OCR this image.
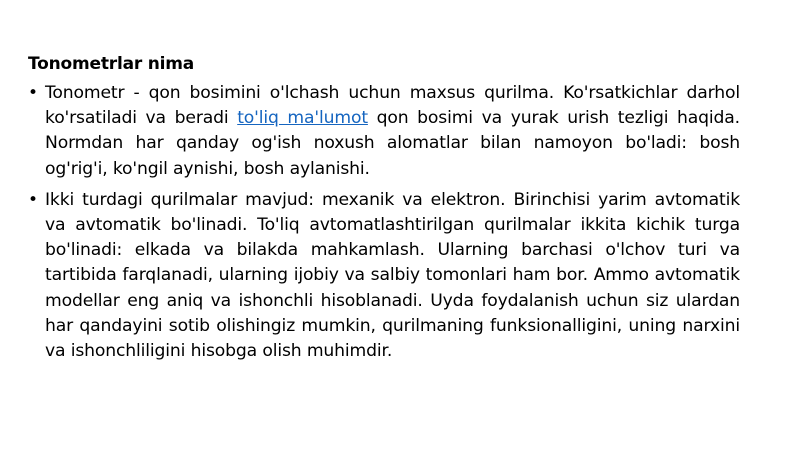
Tonometrlar nima
• Tonometr - qon bosimini o'lchash uchun maxsus qurilma. Ko'rsatkichlar darhol ko'rsatiladi va beradi to'liq ma'lumot qon bosimi va yurak urish tezligi haqida. Normdan har qanday og'ish noxush alomatlar bilan namoyon bo'ladi: bosh og'rig'i, ko'ngil aynishi, bosh aylanishi.
• Ikki turdagi qurilmalar mavjud: mexanik va elektron. Birinchisi yarim avtomatik va avtomatik bo'linadi. To'liq avtomatlashtirilgan qurilmalar ikkita kichik turga bo'linadi: elkada va bilakda mahkamlash. Ularning barchasi o'lchov turi va tartibida farqlanadi, ularning ijobiy va salbiy tomonlari ham bor. Ammo avtomatik modellar eng aniq va ishonchli hisoblanadi. Uyda foydalanish uchun siz ulardan har qandayini sotib olishingiz mumkin, qurilmaning funksionalligini, uning narxini va ishonchliligini hisobga olish muhimdir.
